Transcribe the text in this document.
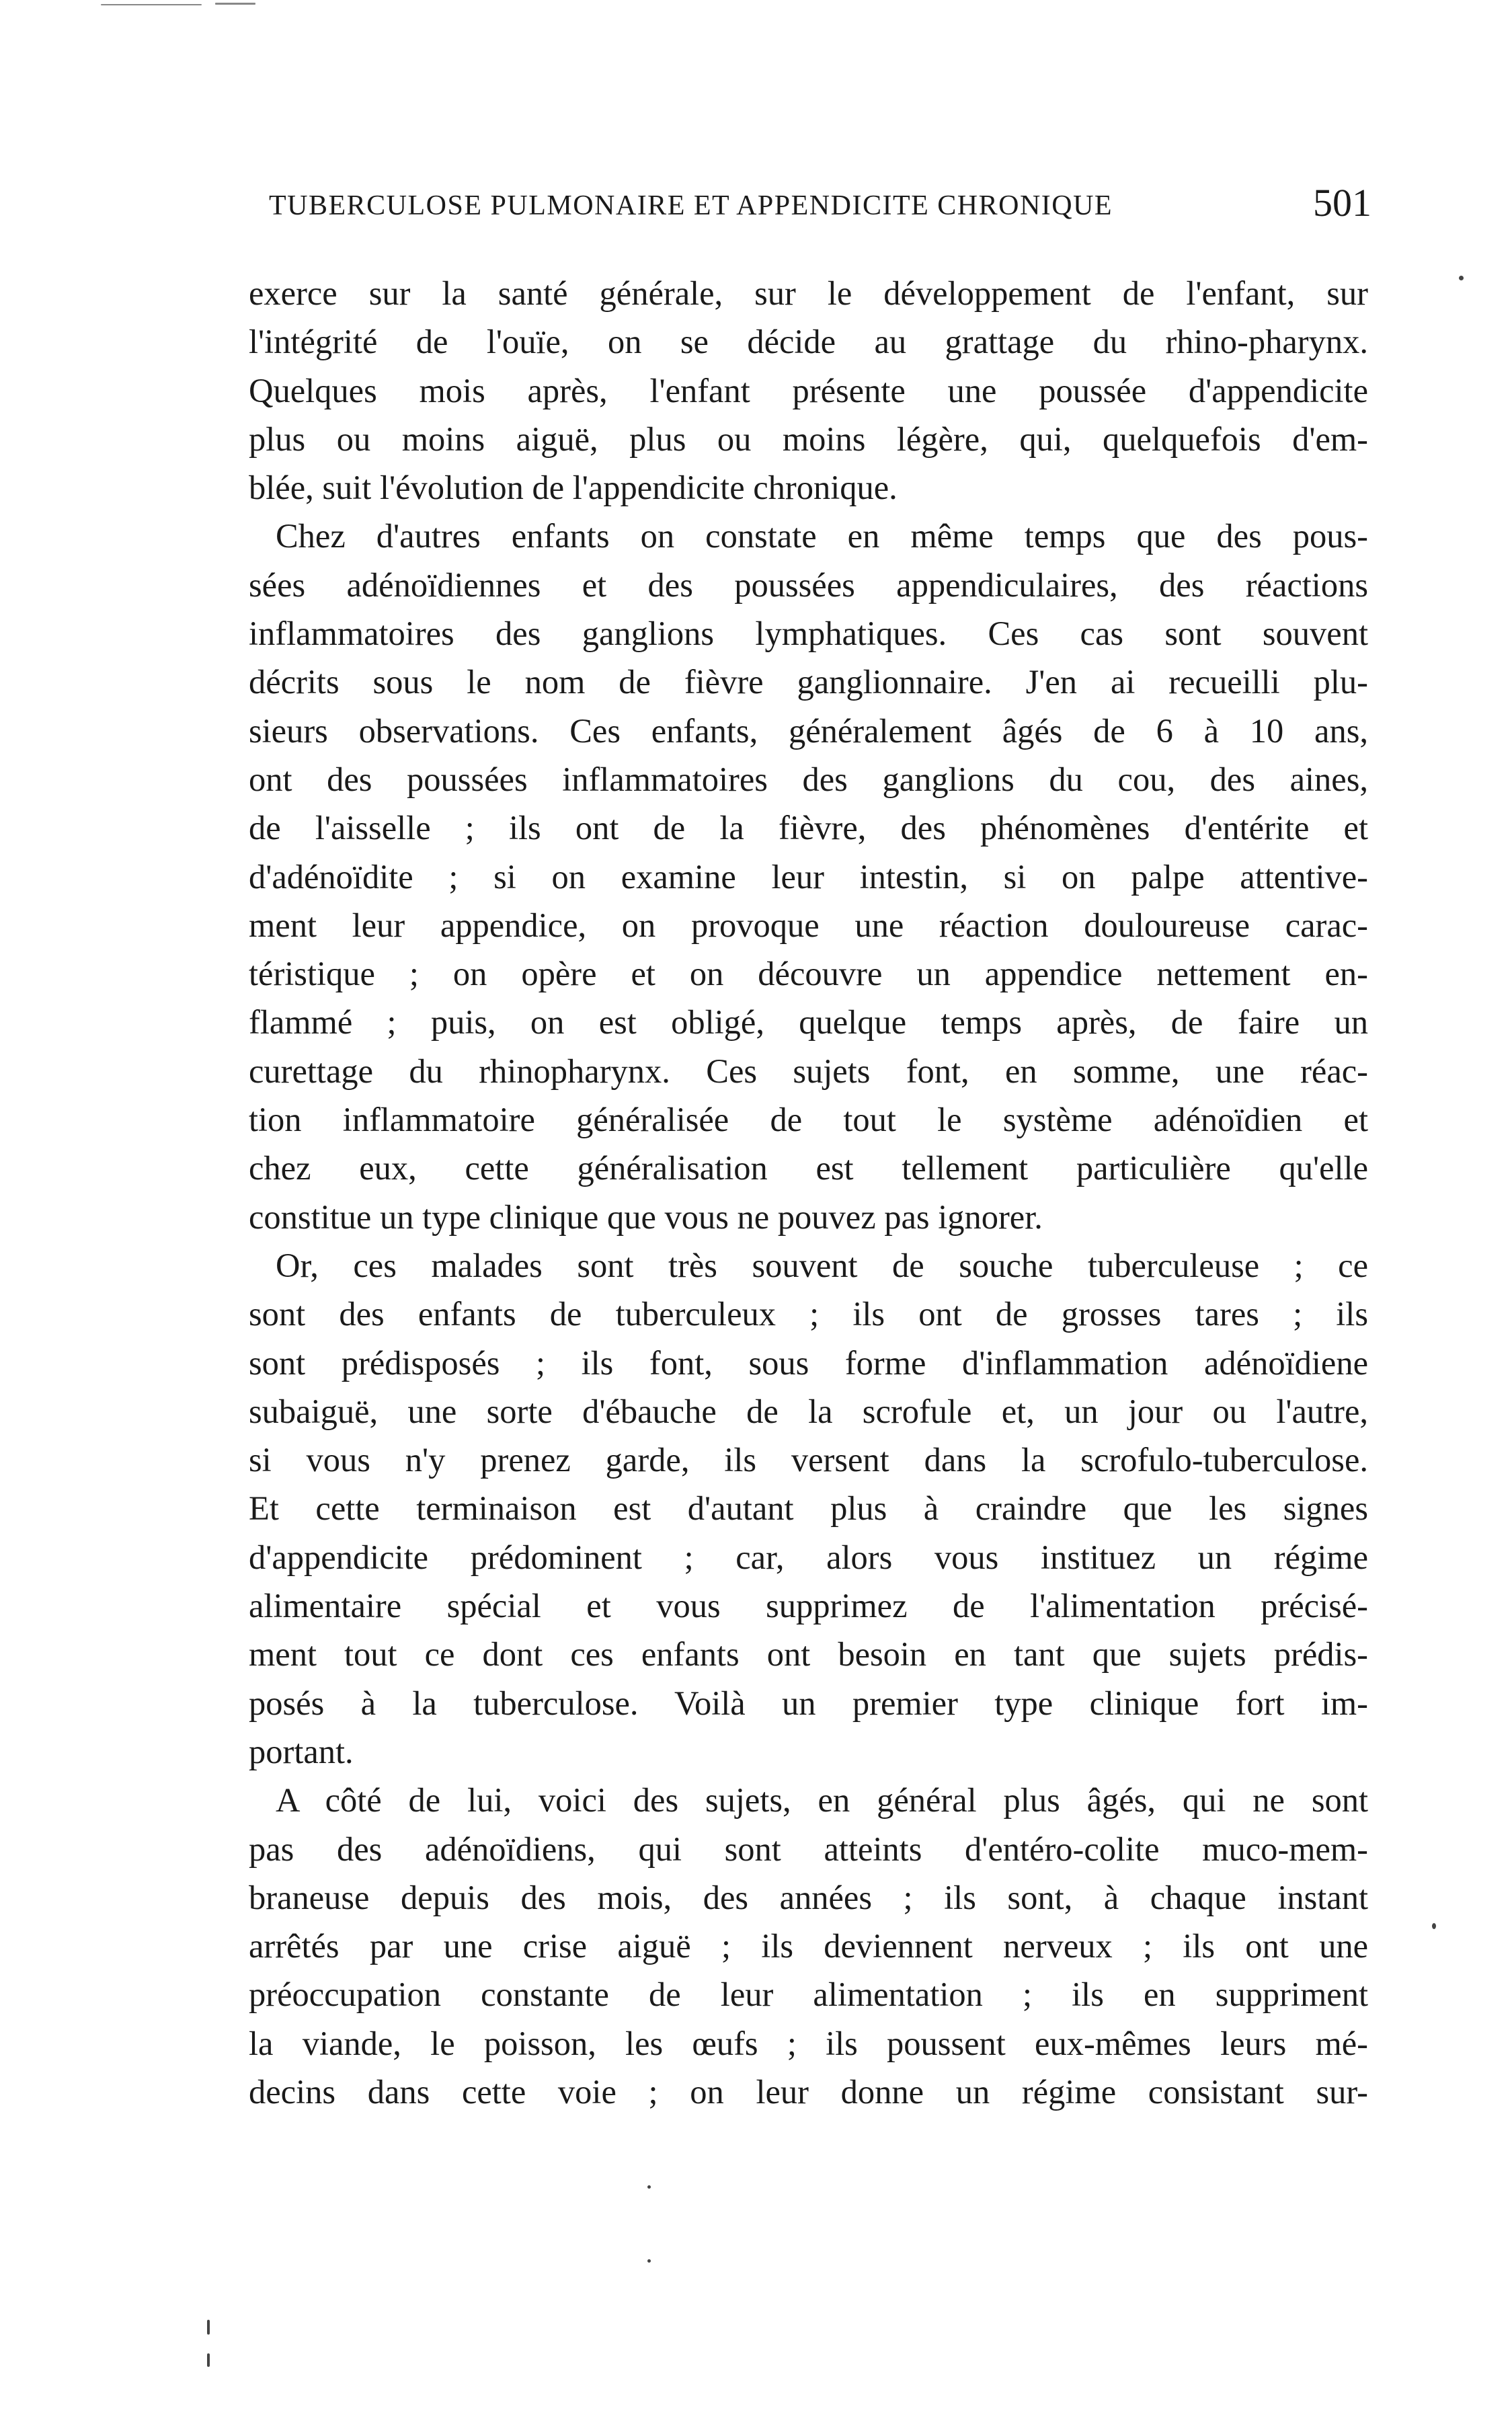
TUBERCULOSE PULMONAIRE ET APPENDICITE CHRONIQUE	501
exerce sur la santé générale, sur le développement de l'enfant, sur
l'intégrité de l'ouïe, on se décide au grattage du rhino-pharynx.
Quelques mois après, l'enfant présente une poussée d'appendicite
plus ou moins aiguë, plus ou moins légère, qui, quelquefois d'em-
blée, suit l'évolution de l'appendicite chronique.
Chez d'autres enfants on constate en même temps que des pous-
sées adénoïdiennes et des poussées appendiculaires, des réactions
inflammatoires des ganglions lymphatiques. Ces cas sont souvent
décrits sous le nom de fièvre ganglionnaire. J'en ai recueilli plu-
sieurs observations. Ces enfants, généralement âgés de 6 à 10 ans,
ont des poussées inflammatoires des ganglions du cou, des aines,
de l'aisselle ; ils ont de la fièvre, des phénomènes d'entérite et
d'adénoïdite ; si on examine leur intestin, si on palpe attentive-
ment leur appendice, on provoque une réaction douloureuse carac-
téristique ; on opère et on découvre un appendice nettement en-
flammé ; puis, on est obligé, quelque temps après, de faire un
curettage du rhinopharynx. Ces sujets font, en somme, une réac-
tion inflammatoire généralisée de tout le système adénoïdien et
chez eux, cette généralisation est tellement particulière qu'elle
constitue un type clinique que vous ne pouvez pas ignorer.
Or, ces malades sont très souvent de souche tuberculeuse ; ce
sont des enfants de tuberculeux ; ils ont de grosses tares ; ils
sont prédisposés ; ils font, sous forme d'inflammation adénoïdiene
subaiguë, une sorte d'ébauche de la scrofule et, un jour ou l'autre,
si vous n'y prenez garde, ils versent dans la scrofulo-tuberculose.
Et cette terminaison est d'autant plus à craindre que les signes
d'appendicite prédominent ; car, alors vous instituez un régime
alimentaire spécial et vous supprimez de l'alimentation précisé-
ment tout ce dont ces enfants ont besoin en tant que sujets prédis-
posés à la tuberculose. Voilà un premier type clinique fort im-
portant.
A côté de lui, voici des sujets, en général plus âgés, qui ne sont
pas des adénoïdiens, qui sont atteints d'entéro-colite muco-mem-
braneuse depuis des mois, des années ; ils sont, à chaque instant
arrêtés par une crise aiguë ; ils deviennent nerveux ; ils ont une
préoccupation constante de leur alimentation ; ils en suppriment
la viande, le poisson, les œufs ; ils poussent eux-mêmes leurs mé-
decins dans cette voie ; on leur donne un régime consistant sur-
